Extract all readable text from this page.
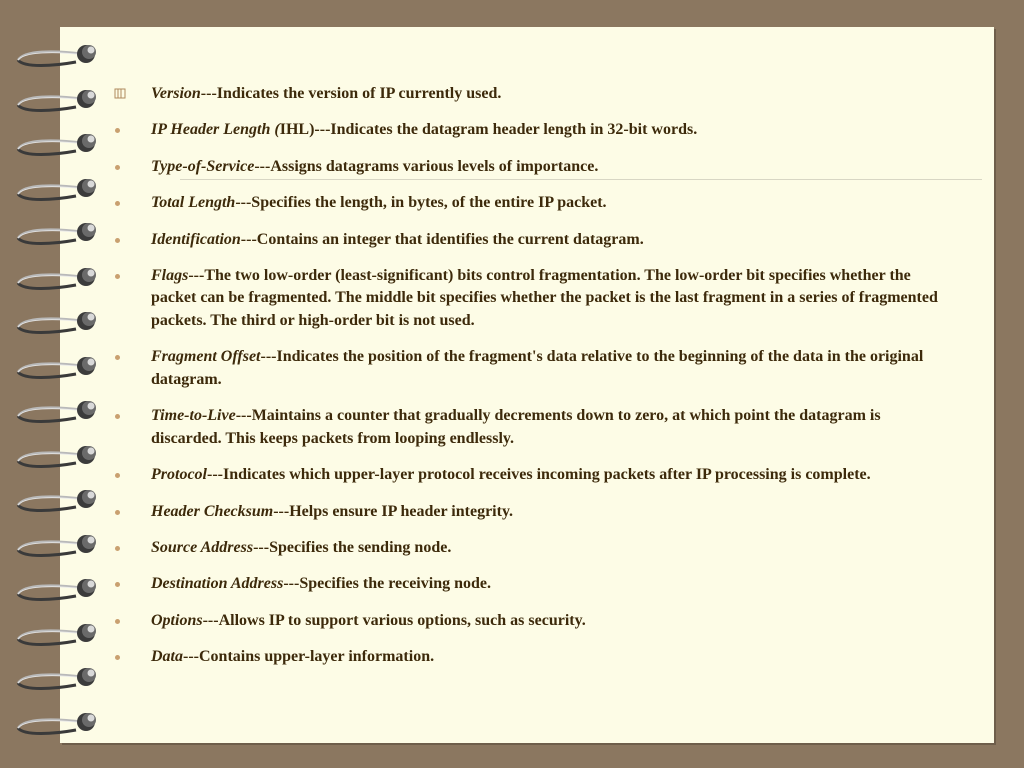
Version---Indicates the version of IP currently used.
IP Header Length (IHL)---Indicates the datagram header length in 32-bit words.
Type-of-Service---Assigns datagrams various levels of importance.
Total Length---Specifies the length, in bytes, of the entire IP packet.
Identification---Contains an integer that identifies the current datagram.
Flags---The two low-order (least-significant) bits control fragmentation. The low-order bit specifies whether the packet can be fragmented. The middle bit specifies whether the packet is the last fragment in a series of fragmented packets. The third or high-order bit is not used.
Fragment Offset---Indicates the position of the fragment's data relative to the beginning of the data in the original datagram.
Time-to-Live---Maintains a counter that gradually decrements down to zero, at which point the datagram is discarded. This keeps packets from looping endlessly.
Protocol---Indicates which upper-layer protocol receives incoming packets after IP processing is complete.
Header Checksum---Helps ensure IP header integrity.
Source Address---Specifies the sending node.
Destination Address---Specifies the receiving node.
Options---Allows IP to support various options, such as security.
Data---Contains upper-layer information.
